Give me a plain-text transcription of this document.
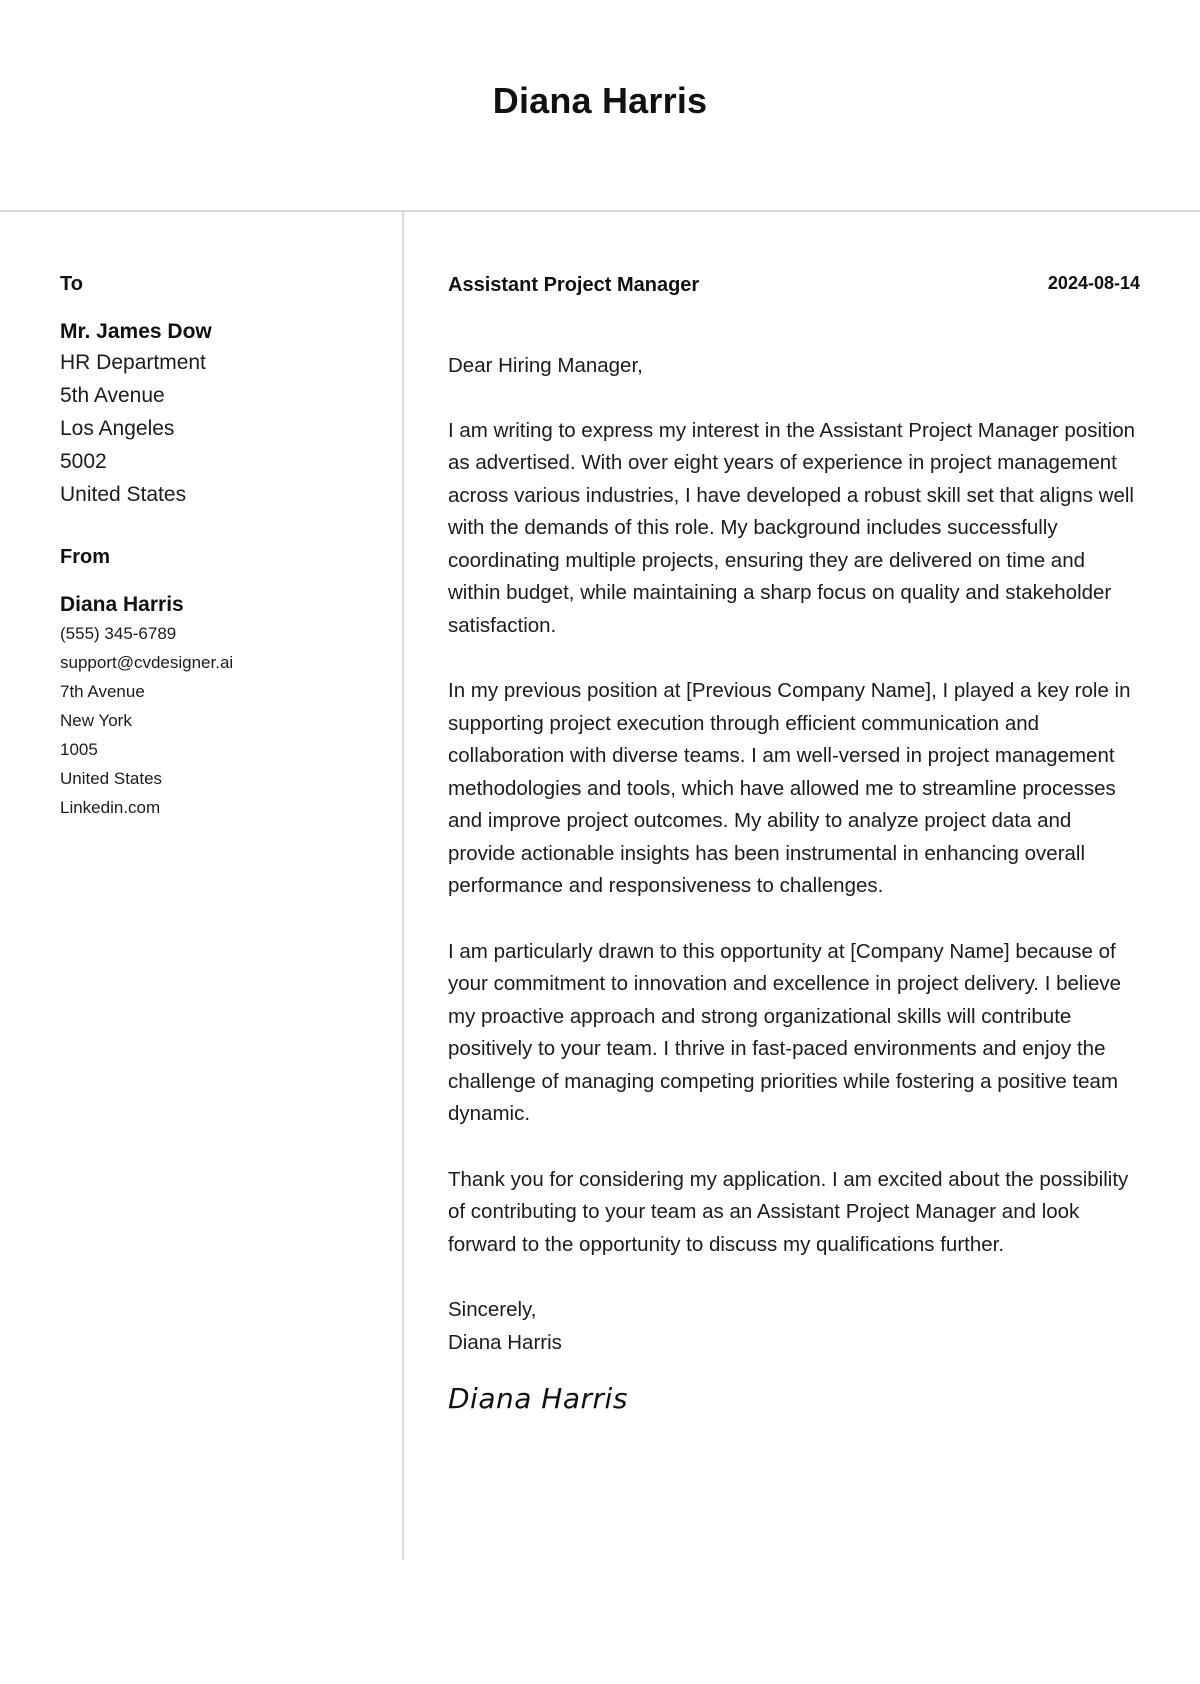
Diana Harris
To
Mr. James Dow
HR Department
5th Avenue
Los Angeles
5002
United States
From
Diana Harris
(555) 345-6789
support@cvdesigner.ai
7th Avenue
New York
1005
United States
Linkedin.com
Assistant Project Manager	2024-08-14

Dear Hiring Manager,

I am writing to express my interest in the Assistant Project Manager position as advertised. With over eight years of experience in project management across various industries, I have developed a robust skill set that aligns well with the demands of this role. My background includes successfully coordinating multiple projects, ensuring they are delivered on time and within budget, while maintaining a sharp focus on quality and stakeholder satisfaction.

In my previous position at [Previous Company Name], I played a key role in supporting project execution through efficient communication and collaboration with diverse teams. I am well-versed in project management methodologies and tools, which have allowed me to streamline processes and improve project outcomes. My ability to analyze project data and provide actionable insights has been instrumental in enhancing overall performance and responsiveness to challenges.

I am particularly drawn to this opportunity at [Company Name] because of your commitment to innovation and excellence in project delivery. I believe my proactive approach and strong organizational skills will contribute positively to your team. I thrive in fast-paced environments and enjoy the challenge of managing competing priorities while fostering a positive team dynamic.

Thank you for considering my application. I am excited about the possibility of contributing to your team as an Assistant Project Manager and look forward to the opportunity to discuss my qualifications further.

Sincerely,
Diana Harris
Diana Harris
